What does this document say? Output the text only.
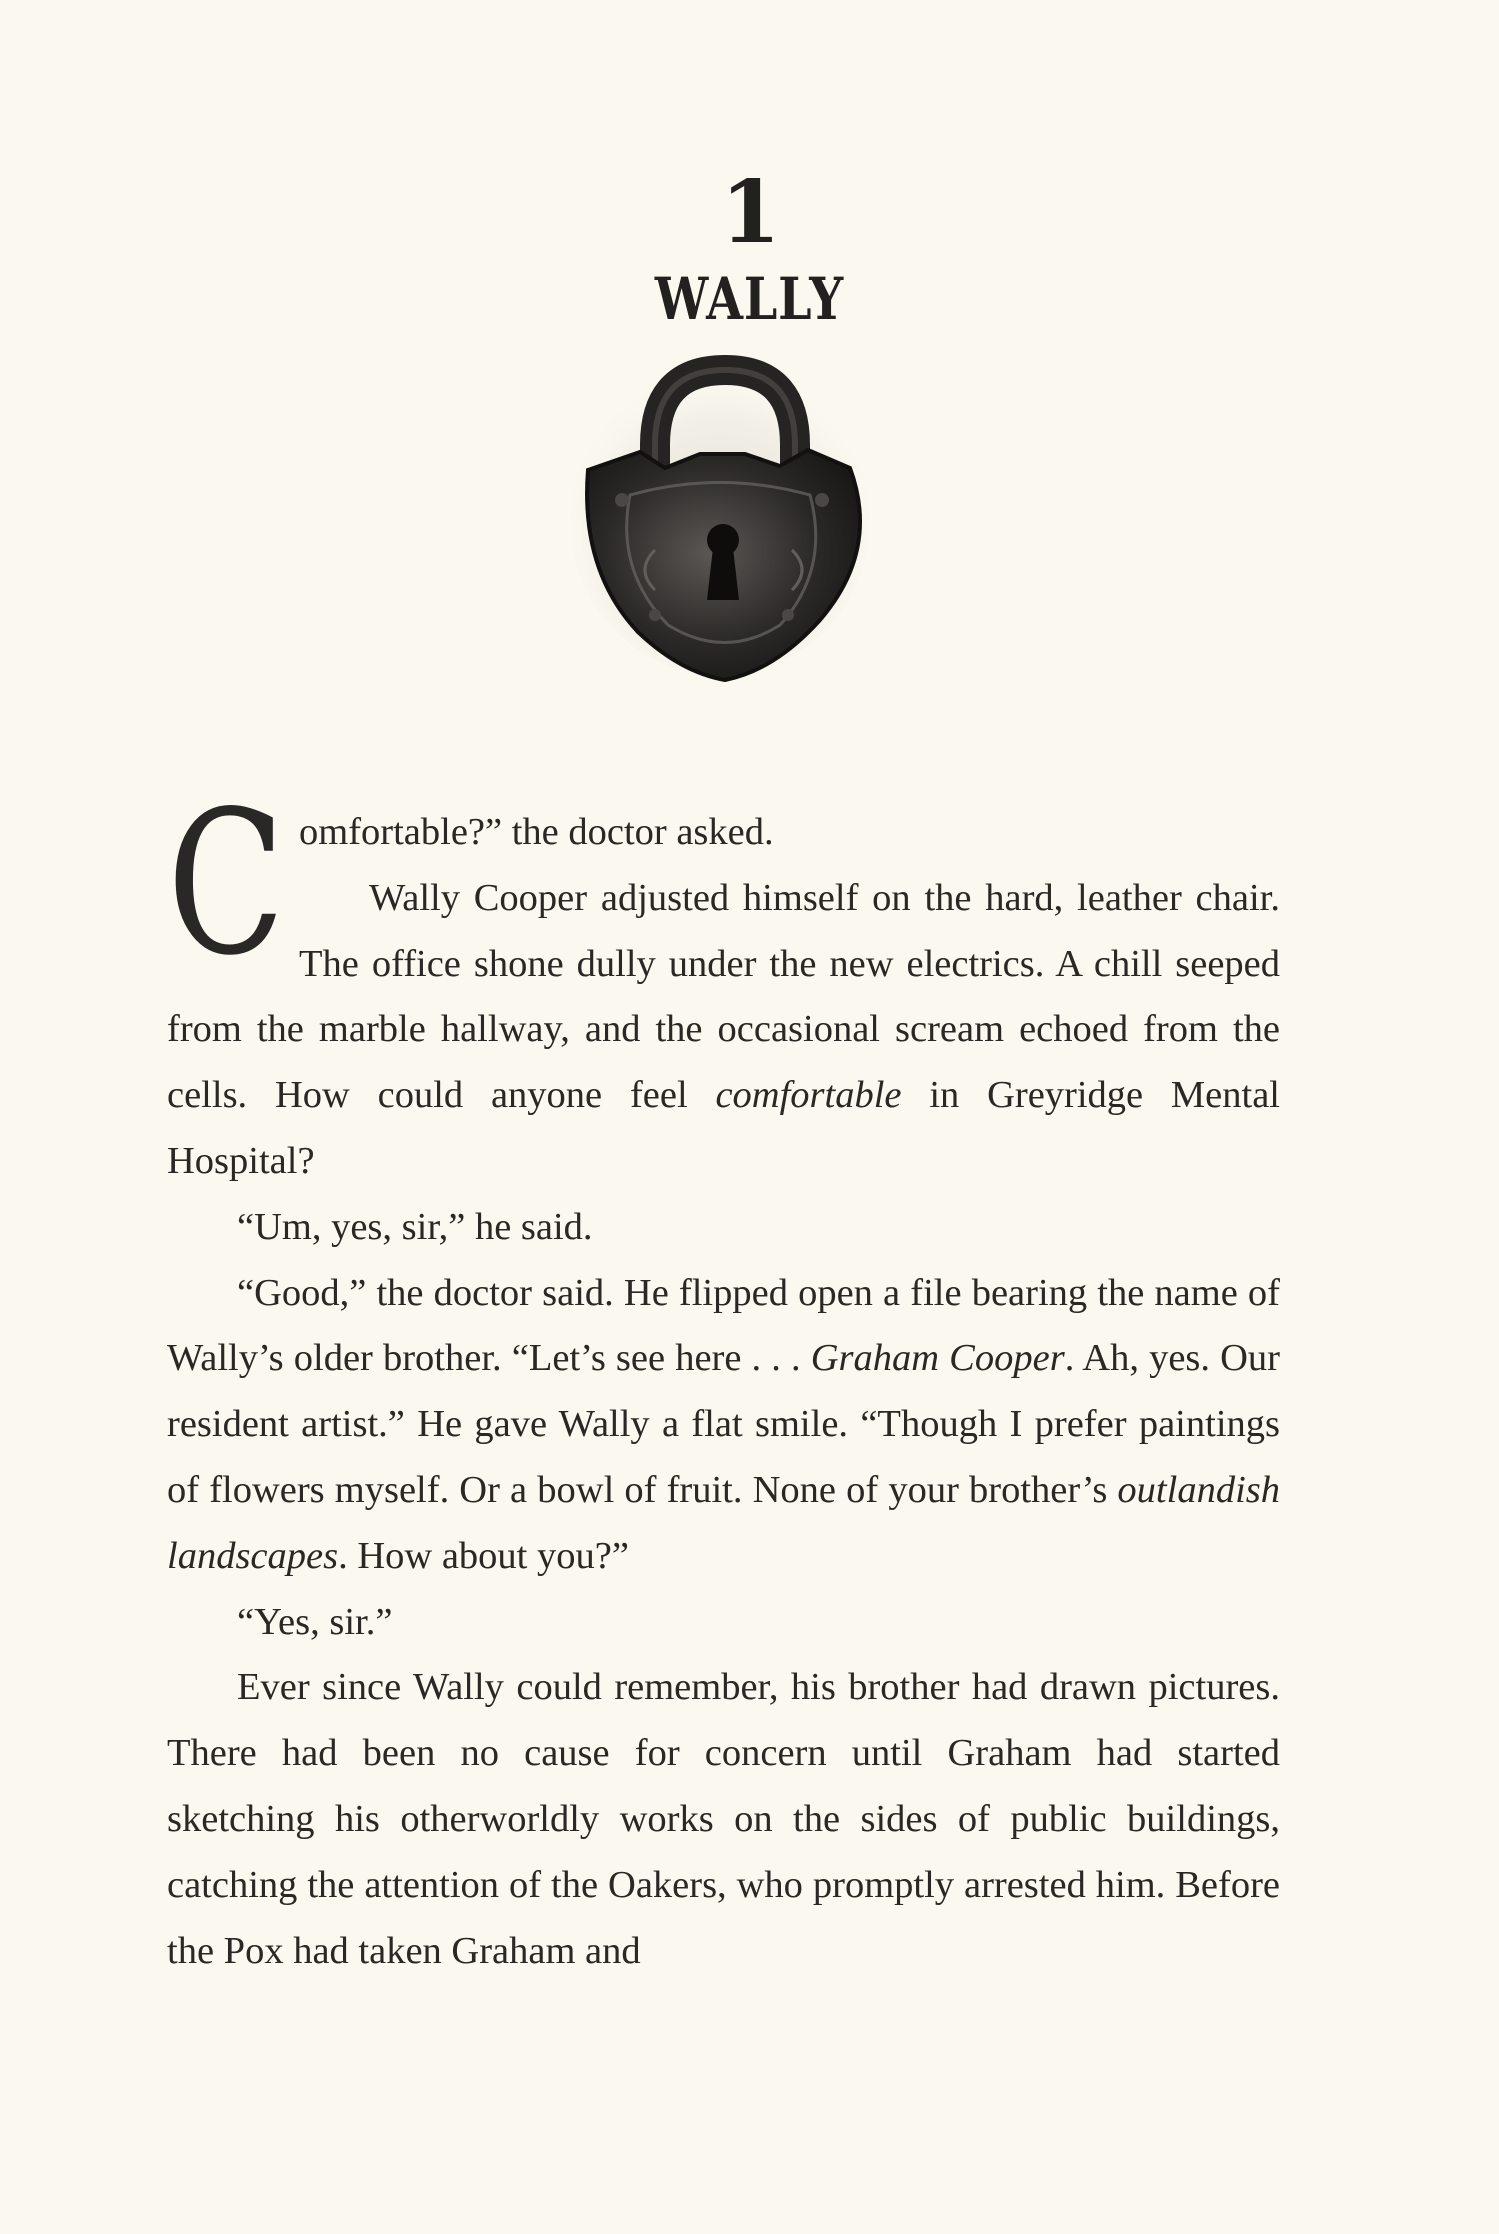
1
WALLY
C omfortable?” the doctor asked.

Wally Cooper adjusted himself on the hard, leather chair. The office shone dully under the new electrics. A chill seeped from the marble hallway, and the occasional scream echoed from the cells. How could anyone feel comfortable in Greyridge Mental Hospital?

“Um, yes, sir,” he said.

“Good,” the doctor said. He flipped open a file bearing the name of Wally’s older brother. “Let’s see here . . . Graham Cooper. Ah, yes. Our resident artist.” He gave Wally a flat smile. “Though I prefer paintings of flowers myself. Or a bowl of fruit. None of your brother’s outlandish landscapes. How about you?”

“Yes, sir.”

Ever since Wally could remember, his brother had drawn pictures. There had been no cause for concern until Graham had started sketching his otherworldly works on the sides of public buildings, catching the attention of the Oakers, who promptly arrested him. Before the Pox had taken Graham and
